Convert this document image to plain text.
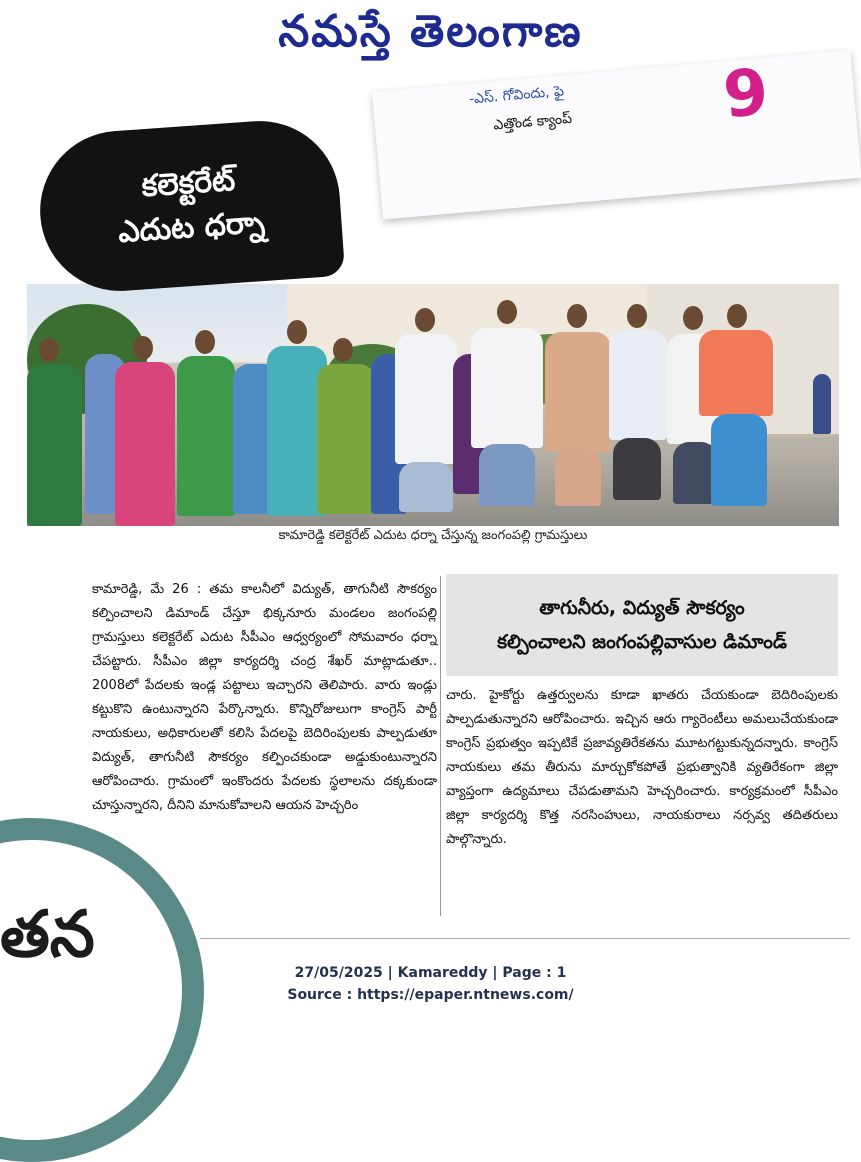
నమస్తే తెలంగాణ
-ఎస్. గోవిందు, ఫై
ఎత్తొండ క్యాంప్ 9
కలెక్టరేట్
ఎదుట ధర్నా
కామారెడ్డి కలెక్టరేట్ ఎదుట ధర్నా చేస్తున్న జంగంపల్లి గ్రామస్తులు

కామారెడ్డి, మే 26 : తమ కాలనీలో విద్యుత్, తాగునీటి సౌకర్యం కల్పించాలని డిమాండ్ చేస్తూ భిక్కనూరు మండలం జంగంపల్లి గ్రామస్తులు కలెక్టరేట్ ఎదుట సీపీఎం ఆధ్వర్యంలో సోమవారం ధర్నా చేపట్టారు. సీపీఎం జిల్లా కార్యదర్శి చంద్ర శేఖర్ మాట్లాడుతూ.. 2008లో పేదలకు ఇండ్ల పట్టాలు ఇచ్చారని తెలిపారు. వారు ఇండ్లు కట్టుకొని ఉంటున్నారని పేర్కొన్నారు. కొన్నిరోజులుగా కాంగ్రెస్ పార్టీ నాయకులు, అధికారులతో కలిసి పేదలపై బెదిరింపులకు పాల్పడుతూ విద్యుత్, తాగునీటి సౌకర్యం కల్పించకుండా అడ్డుకుంటున్నారని ఆరోపించారు. గ్రామంలో ఇంకొందరు పేదలకు స్థలాలను దక్కకుండా చూస్తున్నారని, దీనిని మానుకోవాలని ఆయన హెచ్చరిం

తాగునీరు, విద్యుత్ సౌకర్యం
కల్పించాలని జంగంపల్లివాసుల డిమాండ్

చారు. హైకోర్టు ఉత్తర్వులను కూడా ఖాతరు చేయకుండా బెదిరింపులకు పాల్పడుతున్నారని ఆరోపించారు. ఇచ్చిన ఆరు గ్యారెంటీలు అమలుచేయకుండా కాంగ్రెస్ ప్రభుత్వం ఇప్పటికే ప్రజావ్యతిరేకతను మూటగట్టుకున్నదన్నారు. కాంగ్రెస్ నాయకులు తమ తీరును మార్చుకోకపోతే ప్రభుత్వానికి వ్యతిరేకంగా జిల్లా వ్యాప్తంగా ఉద్యమాలు చేపడుతామని హెచ్చరించారు. కార్యక్రమంలో సీపీఎం జిల్లా కార్యదర్శి కొత్త నరసింహులు, నాయకురాలు నర్సవ్వ తదితరులు పాల్గొన్నారు.

తన
27/05/2025 | Kamareddy | Page : 1
Source : https://epaper.ntnews.com/
